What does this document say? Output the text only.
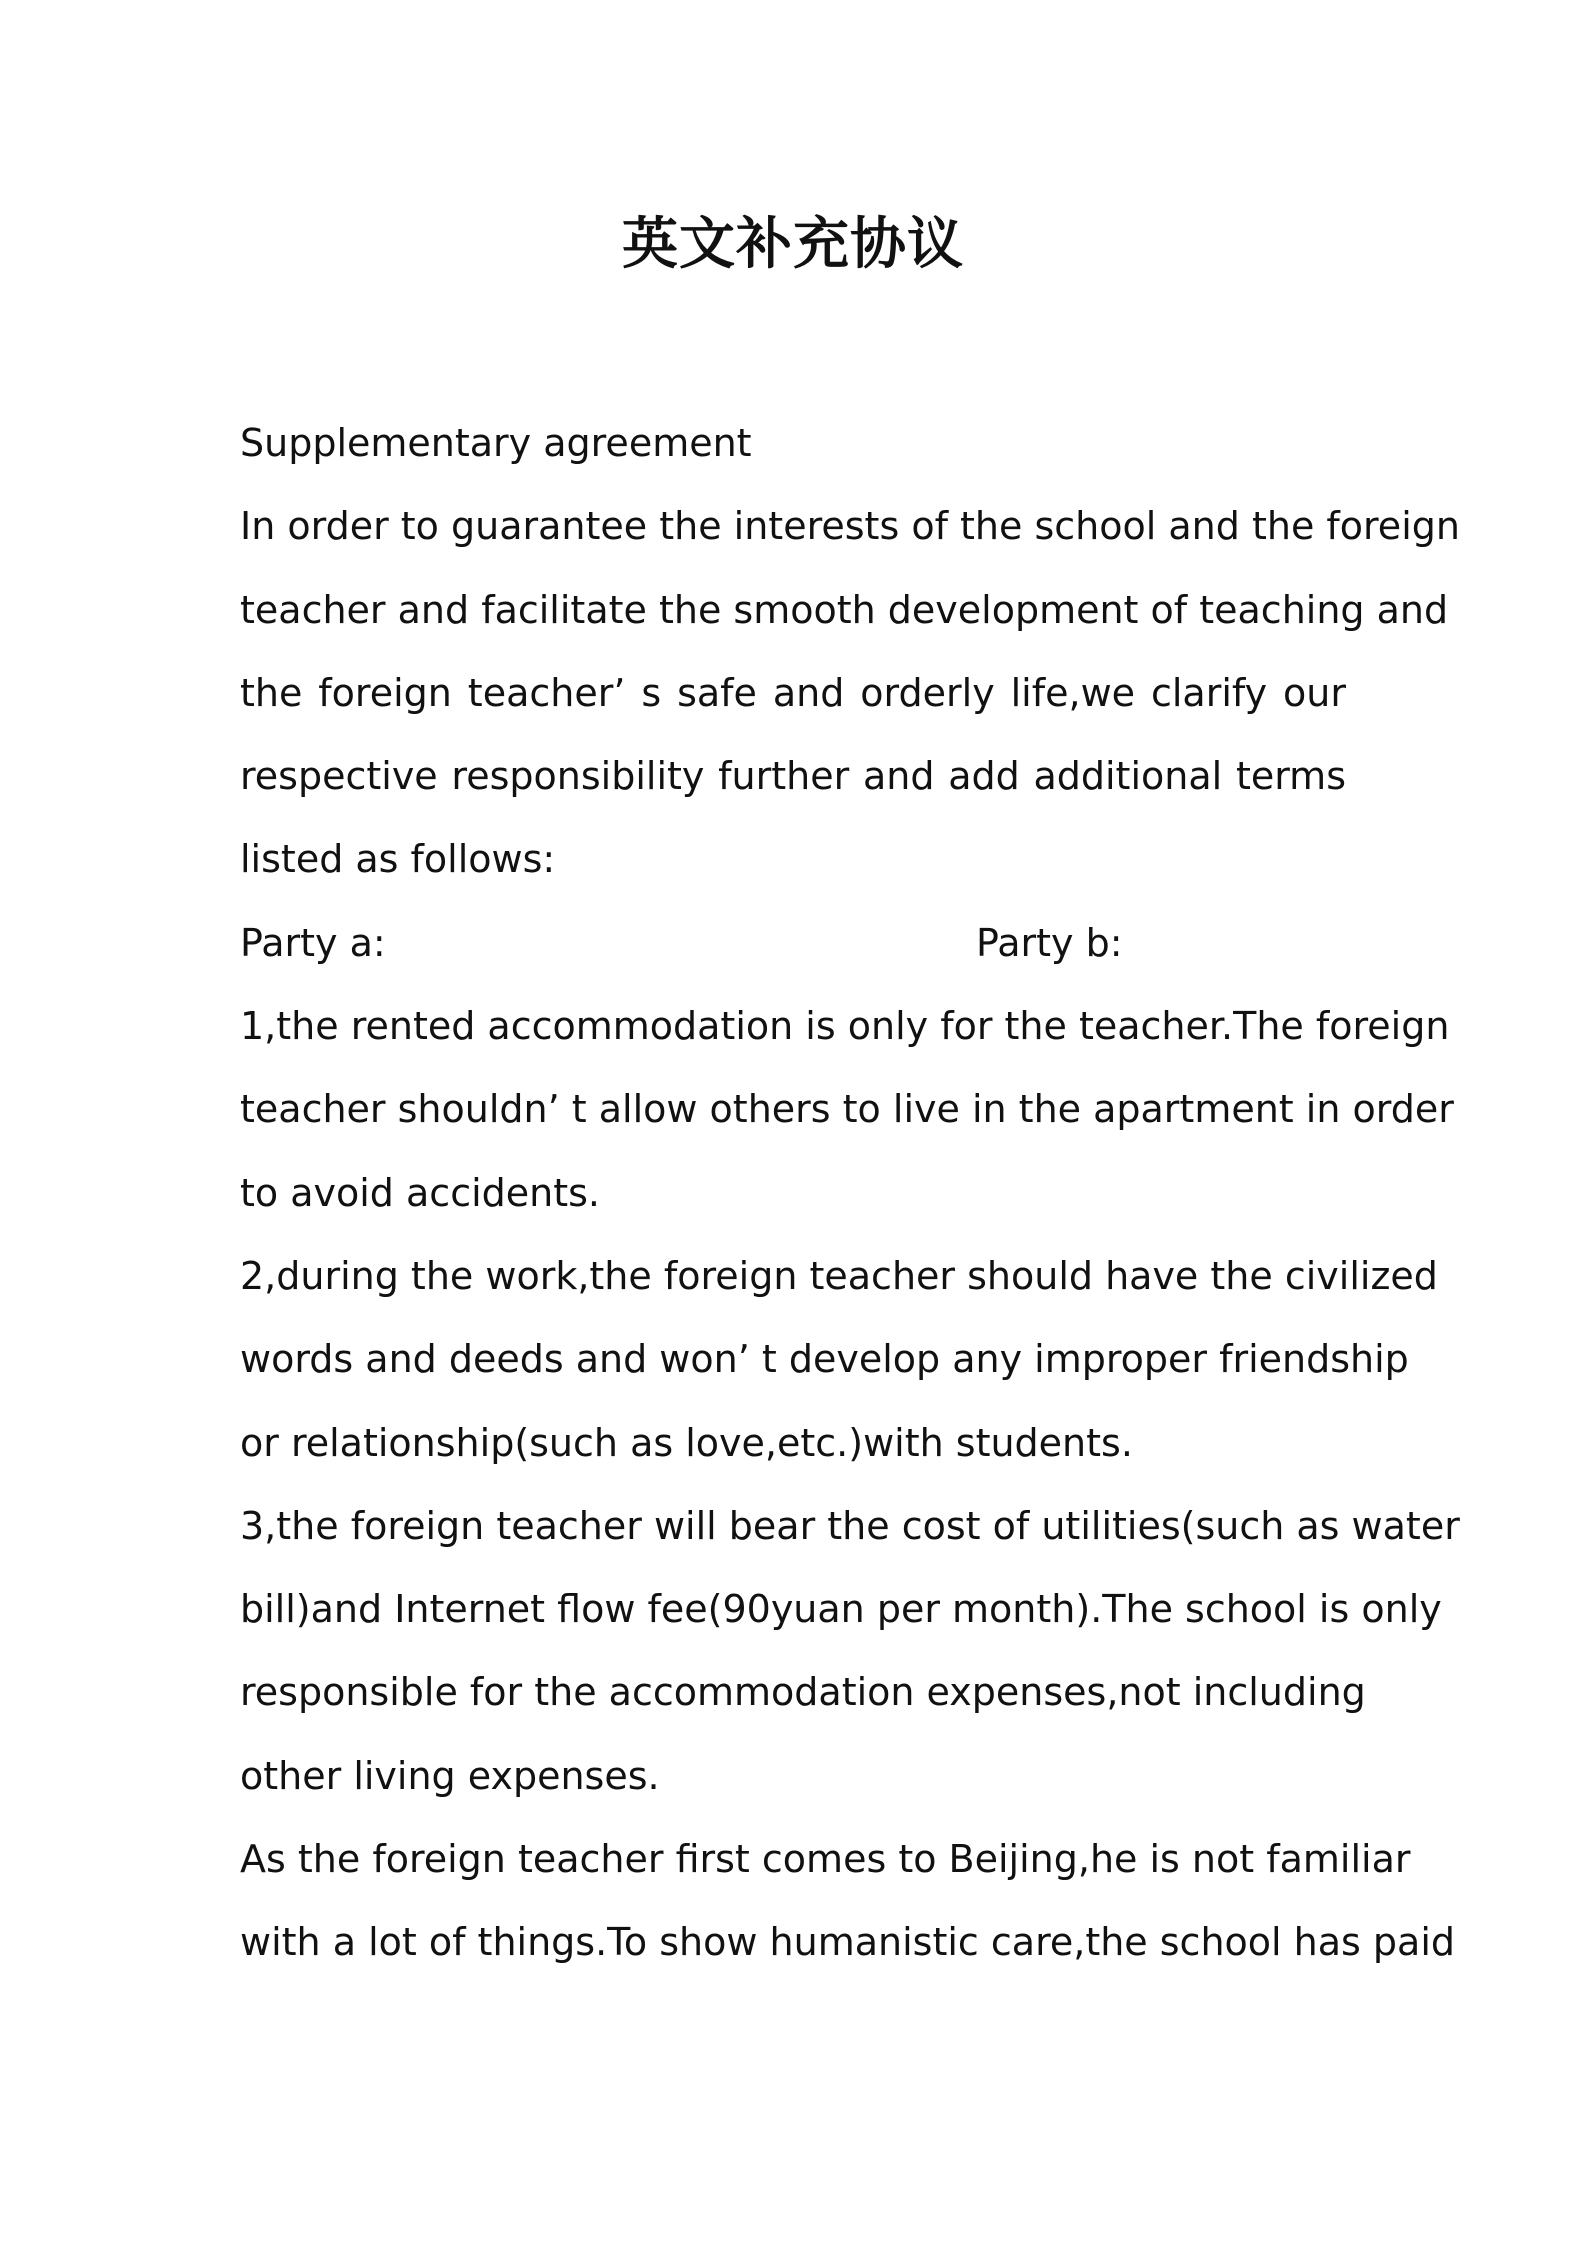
英文补充协议
Supplementary agreement
In order to guarantee the interests of the school and the foreign
teacher and facilitate the smooth development of teaching and
the foreign teacher’ s safe and orderly life,we clarify our
respective responsibility further and add additional terms
listed as follows:
Party a:	Party b:
1,the rented accommodation is only for the teacher.The foreign
teacher shouldn’ t allow others to live in the apartment in order
to avoid accidents.
2,during the work,the foreign teacher should have the civilized
words and deeds and won’ t develop any improper friendship
or relationship(such as love,etc.)with students.
3,the foreign teacher will bear the cost of utilities(such as water
bill)and Internet flow fee(90yuan per month).The school is only
responsible for the accommodation expenses,not including
other living expenses.
As the foreign teacher first comes to Beijing,he is not familiar
with a lot of things.To show humanistic care,the school has paid
